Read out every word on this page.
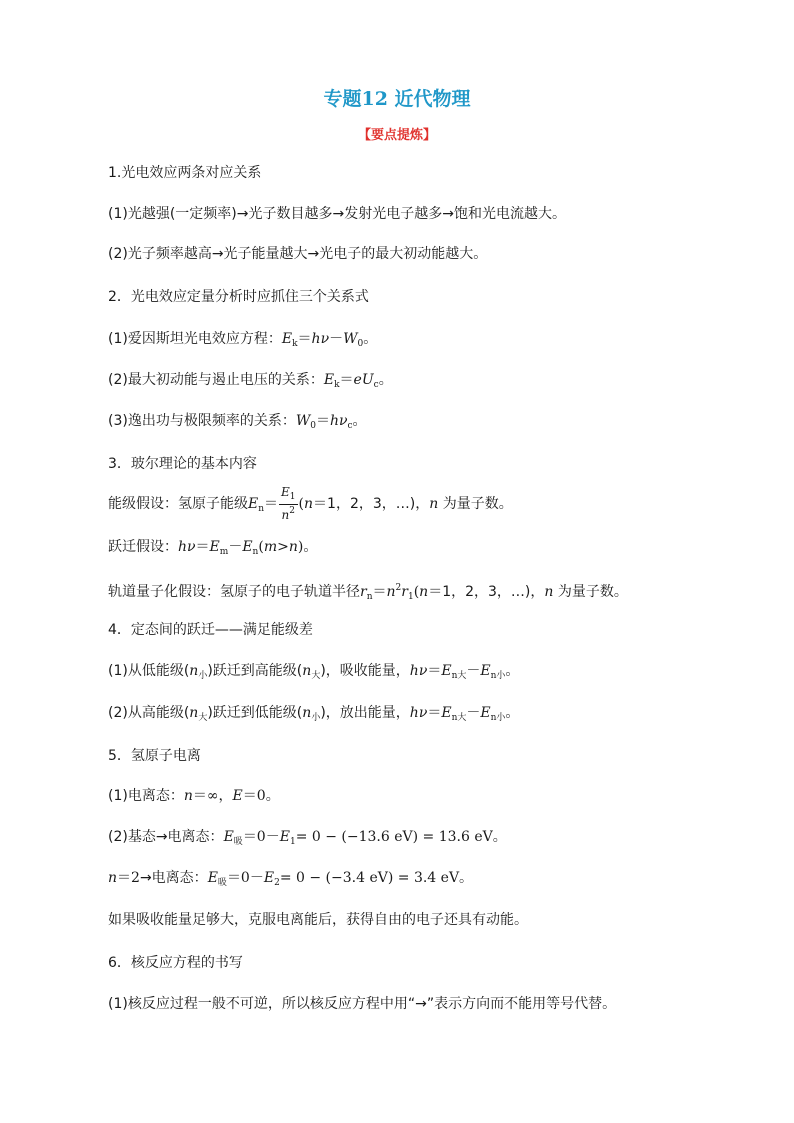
专题12 近代物理
【要点提炼】
1.光电效应两条对应关系
(1)光越强(一定频率)→光子数目越多→发射光电子越多→饱和光电流越大。
(2)光子频率越高→光子能量越大→光电子的最大初动能越大。
2．光电效应定量分析时应抓住三个关系式
(1)爱因斯坦光电效应方程：$E_k=h\nu-W_0$。
(2)最大初动能与遏止电压的关系：$E_k=eU_c$。
(3)逸出功与极限频率的关系：$W_0=h\nu_c$。
3．玻尔理论的基本内容
能级假设：氢原子能级$E_n= \frac{E_1}{n^2} (n=1$，2，3，…)，n 为量子数。
跃迁假设：$h\nu=E_m-E_n(m>n)$。
轨道量子化假设：氢原子的电子轨道半径$r_n=n^2r_1(n=1$，2，3，…)，n 为量子数。
4．定态间的跃迁——满足能级差
(1)从低能级$(n_小)$跃迁到高能级$(n_大)$，吸收能量，$h\nu=E_{n大}-E_{n小}$。
(2)从高能级$(n_大)$跃迁到低能级$(n_小)$，放出能量，$h\nu=E_{n大}-E_{n小}$。
5．氢原子电离
(1)电离态：n＝∞，E＝0。
(2)基态→电离态：$E_吸=0-E_1= 0 - (-13.6$ eV) = 13.6 eV。
n＝2→电离态：$E_吸=0-E_2= 0 - (-3.4$ eV) = 3.4 eV。
如果吸收能量足够大，克服电离能后，获得自由的电子还具有动能。
6．核反应方程的书写
(1)核反应过程一般不可逆，所以核反应方程中用“→”表示方向而不能用等号代替。
